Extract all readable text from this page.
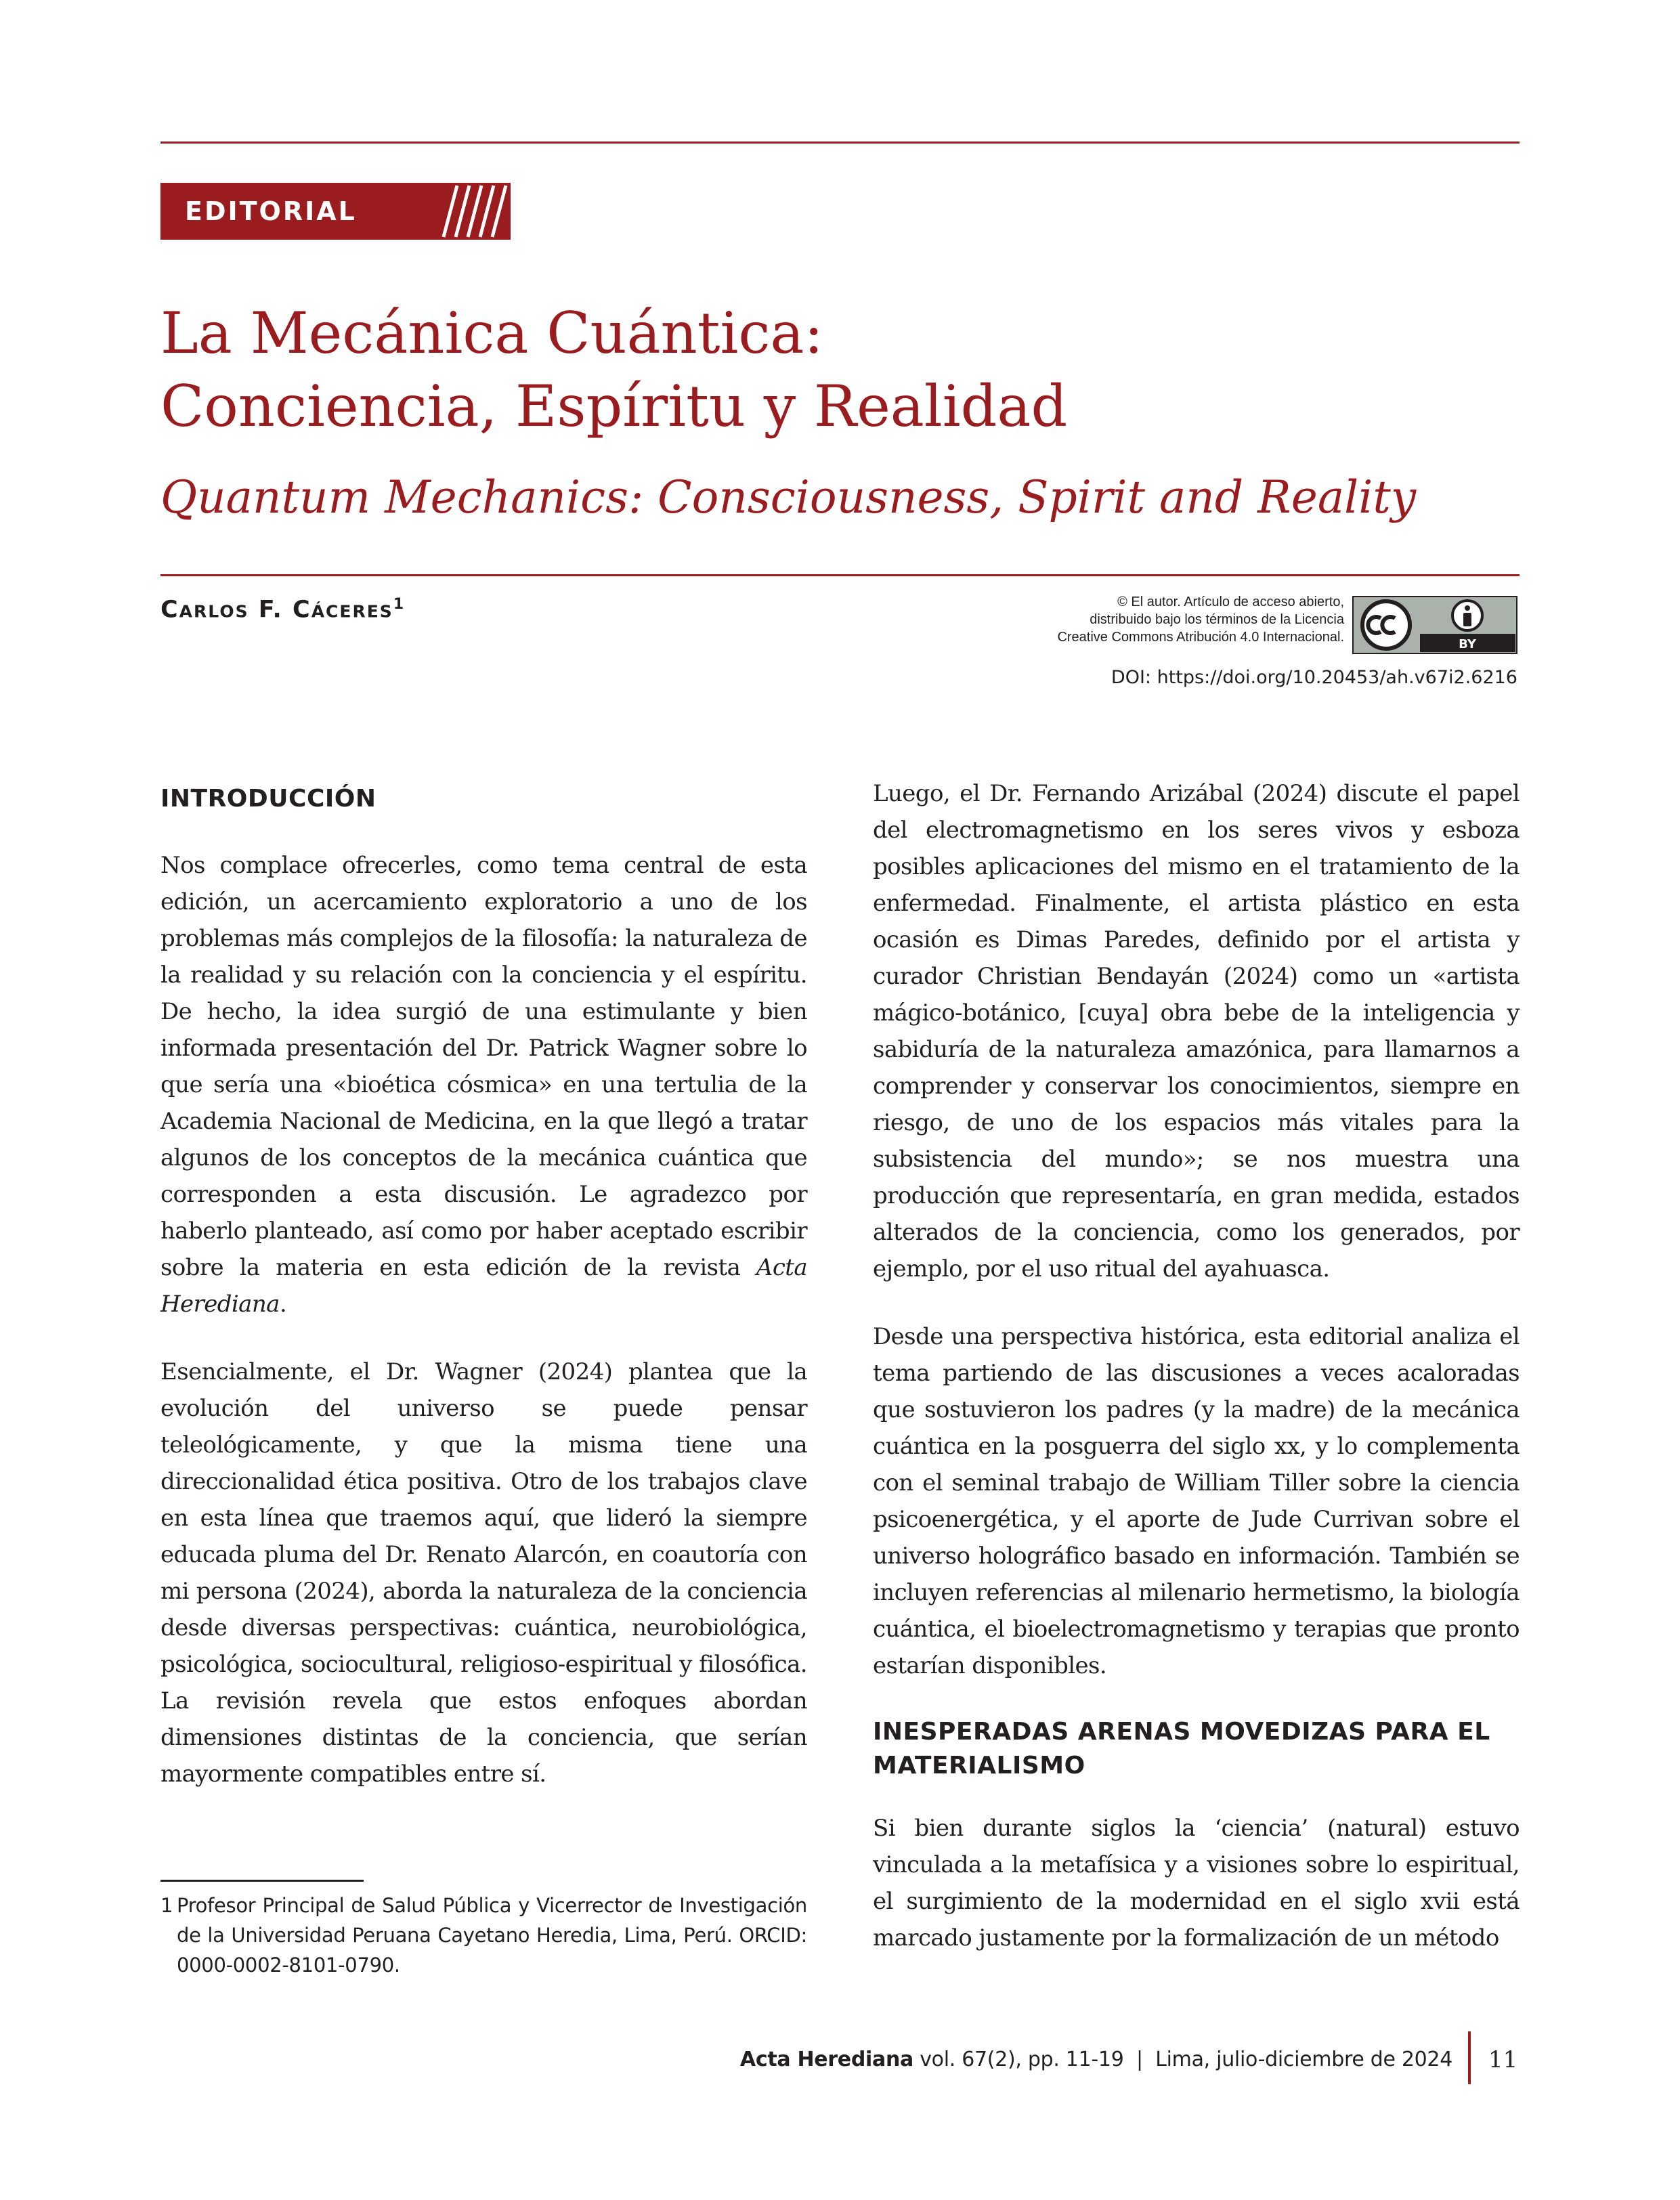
EDITORIAL
La Mecánica Cuántica:
Conciencia, Espíritu y Realidad
Quantum Mechanics: Consciousness, Spirit and Reality
Carlos F. Cáceres$^1$	© El autor. Artículo de acceso abierto,
distribuido bajo los términos de la Licencia
Creative Commons Atribución 4.0 Internacional.	BY
DOI: https://doi.org/10.20453/ah.v67i2.6216
INTRODUCCIÓN

Nos complace ofrecerles, como tema central de esta edición, un acercamiento exploratorio a uno de los problemas más complejos de la filosofía: la naturaleza de la realidad y su relación con la conciencia y el espíritu. De hecho, la idea surgió de una estimulante y bien informada presentación del Dr. Patrick Wagner sobre lo que sería una «bioética cósmica» en una tertulia de la Academia Nacional de Medicina, en la que llegó a tratar algunos de los conceptos de la mecánica cuántica que corresponden a esta discusión. Le agradezco por haberlo planteado, así como por haber aceptado escribir sobre la materia en esta edición de la revista Acta Herediana.

Esencialmente, el Dr. Wagner (2024) plantea que la evolución del universo se puede pensar teleológicamente, y que la misma tiene una direccionalidad ética positiva. Otro de los trabajos clave en esta línea que traemos aquí, que lideró la siempre educada pluma del Dr. Renato Alarcón, en coautoría con mi persona (2024), aborda la naturaleza de la conciencia desde diversas perspectivas: cuántica, neurobiológica, psicológica, sociocultural, religioso-espiritual y filosófica. La revisión revela que estos enfoques abordan dimensiones distintas de la conciencia, que serían mayormente compatibles entre sí.

1 Profesor Principal de Salud Pública y Vicerrector de Investigación de la Universidad Peruana Cayetano Heredia, Lima, Perú. ORCID: 0000-0002-8101-0790.

Luego, el Dr. Fernando Arizábal (2024) discute el papel del electromagnetismo en los seres vivos y esboza posibles aplicaciones del mismo en el tratamiento de la enfermedad. Finalmente, el artista plástico en esta ocasión es Dimas Paredes, definido por el artista y curador Christian Bendayán (2024) como un «artista mágico-botánico, [cuya] obra bebe de la inteligencia y sabiduría de la naturaleza amazónica, para llamarnos a comprender y conservar los conocimientos, siempre en riesgo, de uno de los espacios más vitales para la subsistencia del mundo»; se nos muestra una producción que representaría, en gran medida, estados alterados de la conciencia, como los generados, por ejemplo, por el uso ritual del ayahuasca.

Desde una perspectiva histórica, esta editorial analiza el tema partiendo de las discusiones a veces acaloradas que sostuvieron los padres (y la madre) de la mecánica cuántica en la posguerra del siglo xx, y lo complementa con el seminal trabajo de William Tiller sobre la ciencia psicoenergética, y el aporte de Jude Currivan sobre el universo holográfico basado en información. También se incluyen referencias al milenario hermetismo, la biología cuántica, el bioelectromagnetismo y terapias que pronto estarían disponibles.

INESPERADAS ARENAS MOVEDIZAS PARA EL MATERIALISMO

Si bien durante siglos la ‘ciencia’ (natural) estuvo vinculada a la metafísica y a visiones sobre lo espiritual, el surgimiento de la modernidad en el siglo xvii está marcado justamente por la formalización de un método

Acta Herediana vol. 67(2), pp. 11-19  |  Lima, julio-diciembre de 2024 11
